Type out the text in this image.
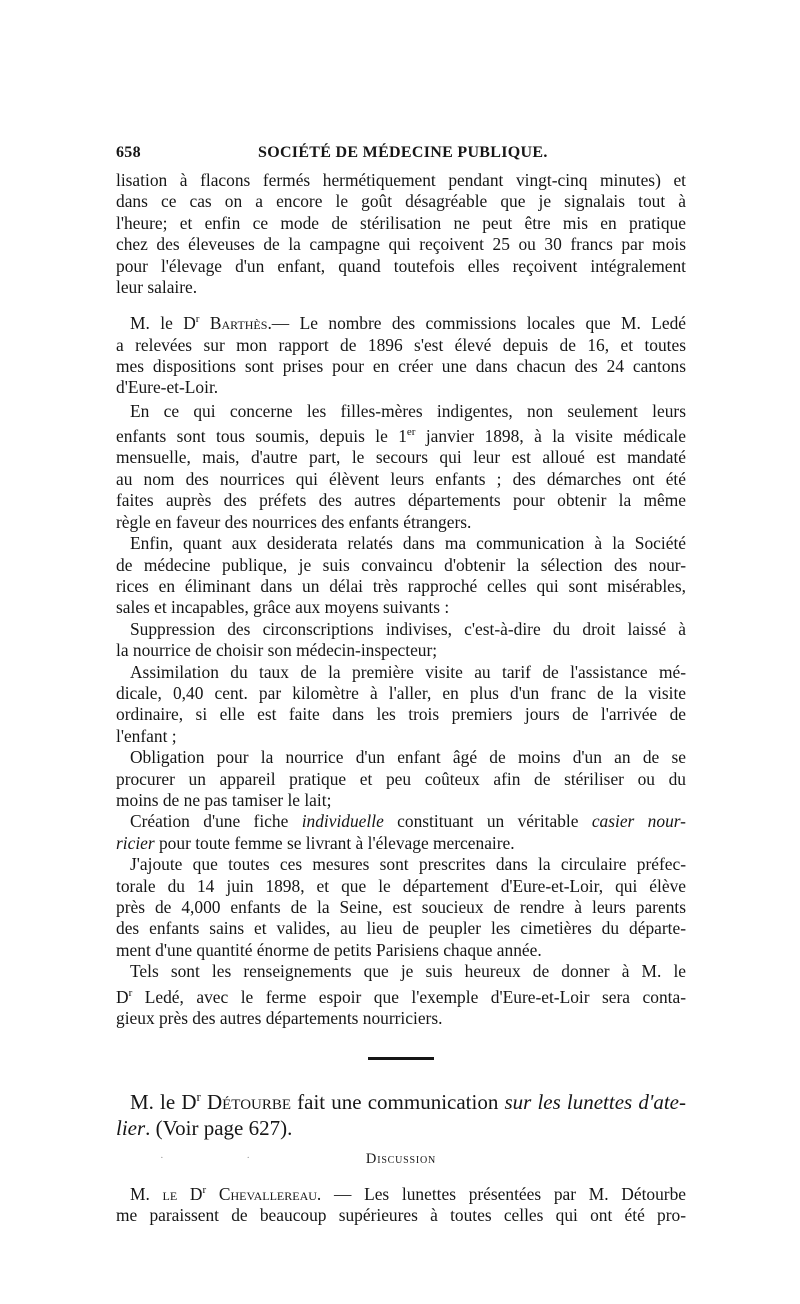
658	SOCIÉTÉ DE MÉDECINE PUBLIQUE.

lisation à flacons fermés hermétiquement pendant vingt-cinq minutes) et
dans ce cas on a encore le goût désagréable que je signalais tout à
l'heure; et enfin ce mode de stérilisation ne peut être mis en pratique
chez des éleveuses de la campagne qui reçoivent 25 ou 30 francs par mois
pour l'élevage d'un enfant, quand toutefois elles reçoivent intégralement
leur salaire.

M. le $D^r$ Barthès.— Le nombre des commissions locales que M. Ledé
a relevées sur mon rapport de 1896 s'est élevé depuis de 16, et toutes
mes dispositions sont prises pour en créer une dans chacun des 24 cantons
d'Eure-et-Loir.

En ce qui concerne les filles-mères indigentes, non seulement leurs
enfants sont tous soumis, depuis le 1er janvier 1898, à la visite médicale
mensuelle, mais, d'autre part, le secours qui leur est alloué est mandaté
au nom des nourrices qui élèvent leurs enfants ; des démarches ont été
faites auprès des préfets des autres départements pour obtenir la même
règle en faveur des nourrices des enfants étrangers.

Enfin, quant aux desiderata relatés dans ma communication à la Société
de médecine publique, je suis convaincu d'obtenir la sélection des nour-
rices en éliminant dans un délai très rapproché celles qui sont misérables,
sales et incapables, grâce aux moyens suivants :

Suppression des circonscriptions indivises, c'est-à-dire du droit laissé à
la nourrice de choisir son médecin-inspecteur;

Assimilation du taux de la première visite au tarif de l'assistance mé-
dicale, 0,40 cent. par kilomètre à l'aller, en plus d'un franc de la visite
ordinaire, si elle est faite dans les trois premiers jours de l'arrivée de
l'enfant ;

Obligation pour la nourrice d'un enfant âgé de moins d'un an de se
procurer un appareil pratique et peu coûteux afin de stériliser ou du
moins de ne pas tamiser le lait;

Création d'une fiche individuelle constituant un véritable casier nour-
ricier pour toute femme se livrant à l'élevage mercenaire.

J'ajoute que toutes ces mesures sont prescrites dans la circulaire préfec-
torale du 14 juin 1898, et que le département d'Eure-et-Loir, qui élève
près de 4,000 enfants de la Seine, est soucieux de rendre à leurs parents
des enfants sains et valides, au lieu de peupler les cimetières du départe-
ment d'une quantité énorme de petits Parisiens chaque année.

Tels sont les renseignements que je suis heureux de donner à M. le
$D^r$ Ledé, avec le ferme espoir que l'exemple d'Eure-et-Loir sera conta-
gieux près des autres départements nourriciers.

M. le $D^r$ Détourbe fait une communication sur les lunettes d'ate-
lier. (Voir page 627).

Discussion

M. le $D^r$ Chevallereau. — Les lunettes présentées par M. Détourbe
me paraissent de beaucoup supérieures à toutes celles qui ont été pro-

· ·
